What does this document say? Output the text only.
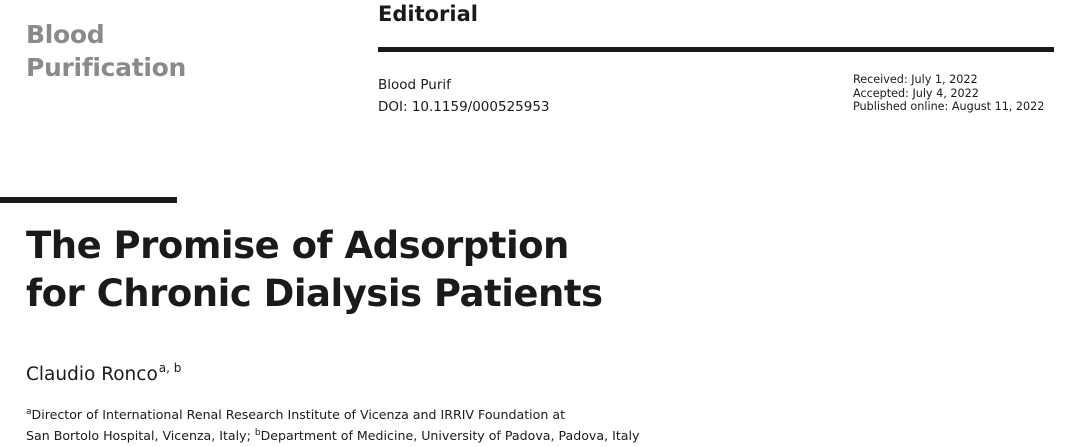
Blood
Purification
Editorial
Blood Purif
DOI: 10.1159/000525953
Received: July 1, 2022
Accepted: July 4, 2022
Published online: August 11, 2022
The Promise of Adsorption
for Chronic Dialysis Patients
Claudio Ronco$^{a, b}$
$^a$Director of International Renal Research Institute of Vicenza and IRRIV Foundation at
San Bortolo Hospital, Vicenza, Italy; $^b$Department of Medicine, University of Padova, Padova, Italy
